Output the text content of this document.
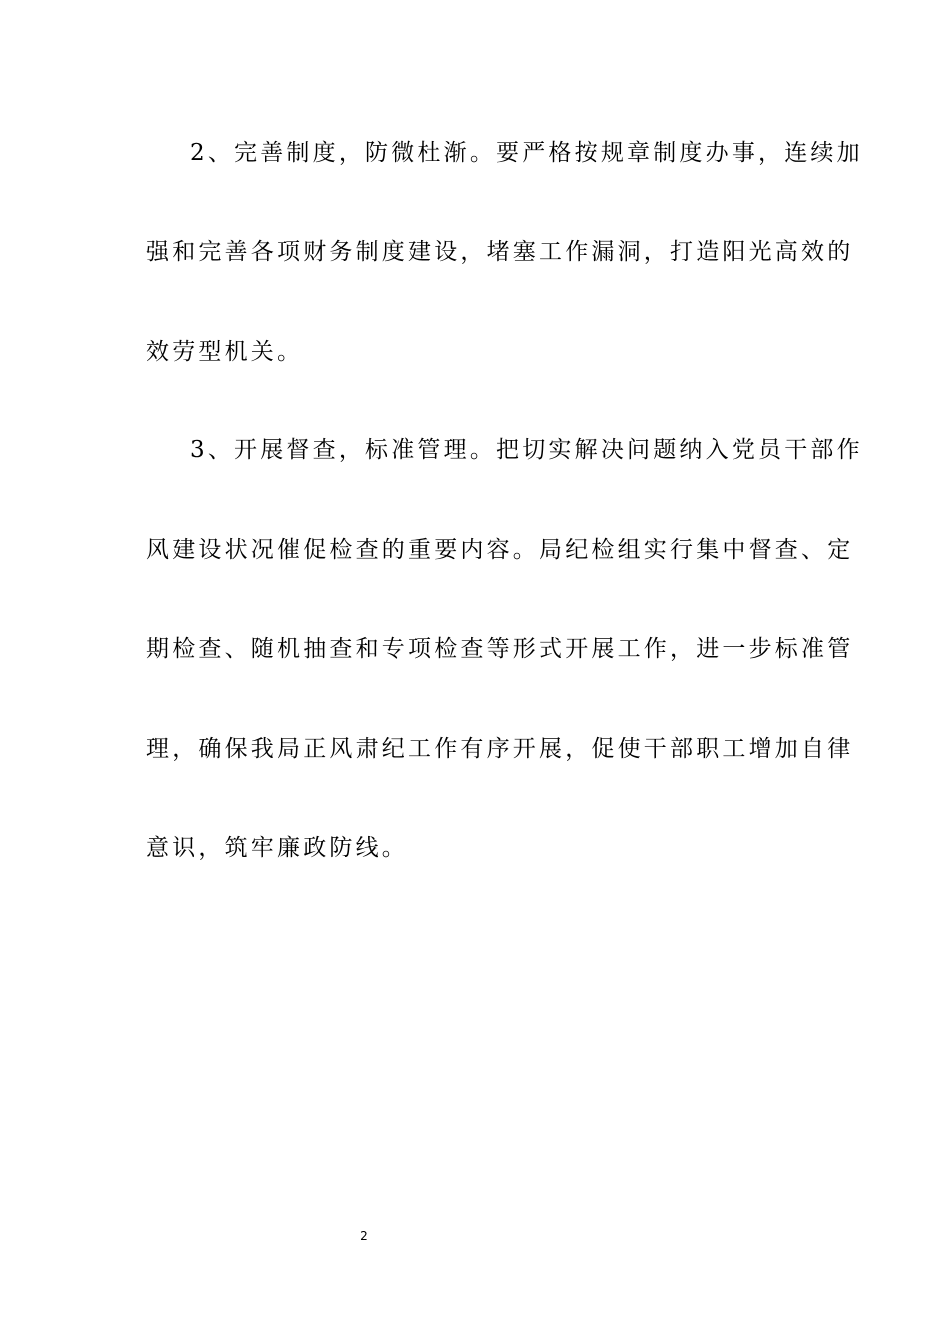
2、完善制度，防微杜渐。要严格按规章制度办事，连续加
强和完善各项财务制度建设，堵塞工作漏洞，打造阳光高效的
效劳型机关。
3、开展督查，标准管理。把切实解决问题纳入党员干部作
风建设状况催促检查的重要内容。局纪检组实行集中督查、定
期检查、随机抽查和专项检查等形式开展工作，进一步标准管
理，确保我局正风肃纪工作有序开展，促使干部职工增加自律
意识，筑牢廉政防线。
2
